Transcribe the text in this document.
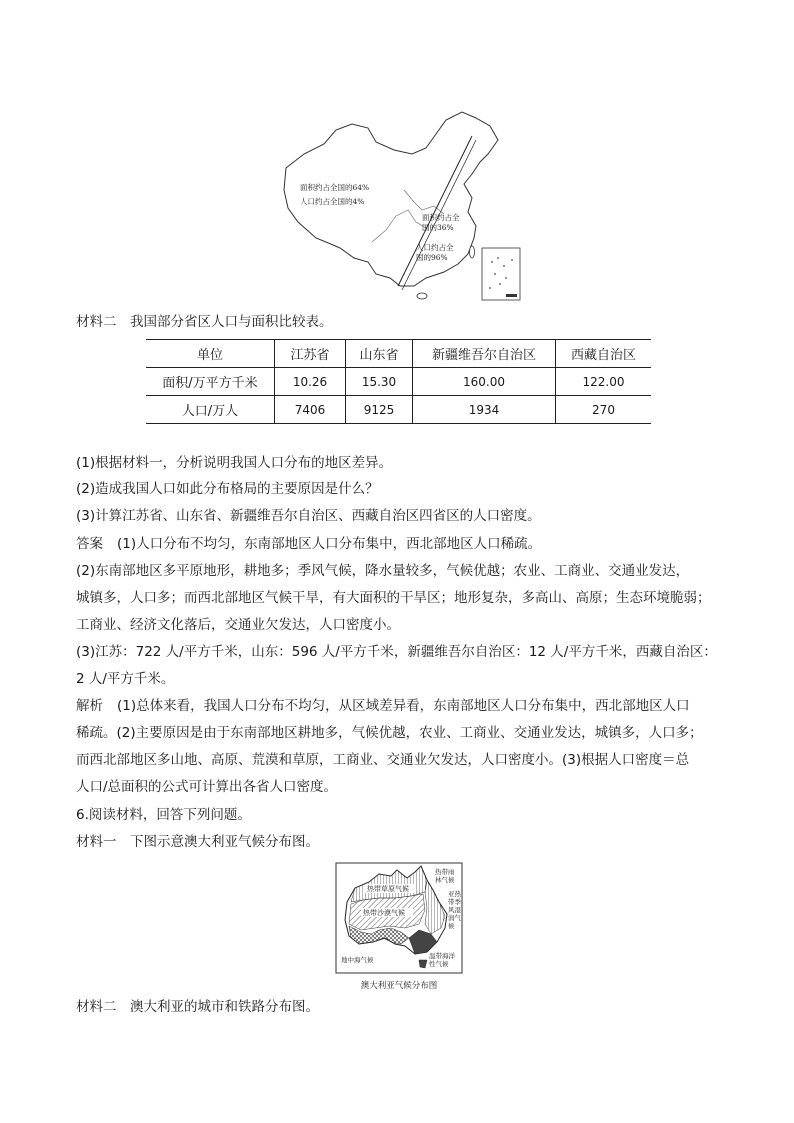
面积约占全国的64%
人口约占全国的4%
面积约占全
国的36%
人口约占全
国的96%
材料二　我国部分省区人口与面积比较表。
单位	江苏省	山东省	新疆维吾尔自治区	西藏自治区
面积/万平方千米	10.26	15.30	160.00	122.00
人口/万人	7406	9125	1934	270
(1)根据材料一，分析说明我国人口分布的地区差异。
(2)造成我国人口如此分布格局的主要原因是什么？
(3)计算江苏省、山东省、新疆维吾尔自治区、西藏自治区四省区的人口密度。
答案 (1)人口分布不均匀，东南部地区人口分布集中，西北部地区人口稀疏。
(2)东南部地区多平原地形，耕地多；季风气候，降水量较多，气候优越；农业、工商业、交通业发达，
城镇多，人口多；而西北部地区气候干旱，有大面积的干旱区；地形复杂，多高山、高原；生态环境脆弱；
工商业、经济文化落后，交通业欠发达，人口密度小。
(3)江苏：722 人/平方千米，山东：596 人/平方千米，新疆维吾尔自治区：12 人/平方千米，西藏自治区：
2 人/平方千米。
解析 (1)总体来看，我国人口分布不均匀，从区域差异看，东南部地区人口分布集中，西北部地区人口
稀疏。(2)主要原因是由于东南部地区耕地多，气候优越，农业、工商业、交通业发达，城镇多，人口多；
而西北部地区多山地、高原、荒漠和草原，工商业、交通业欠发达，人口密度小。(3)根据人口密度＝总
人口/总面积的公式可计算出各省人口密度。
6.阅读材料，回答下列问题。
材料一　下图示意澳大利亚气候分布图。
热带草原气候
热带沙漠气候
地中海气候
热带雨
林气候
亚热
带季
风湿
润气
候
温带海洋
性气候
澳大利亚气候分布图
材料二　澳大利亚的城市和铁路分布图。
